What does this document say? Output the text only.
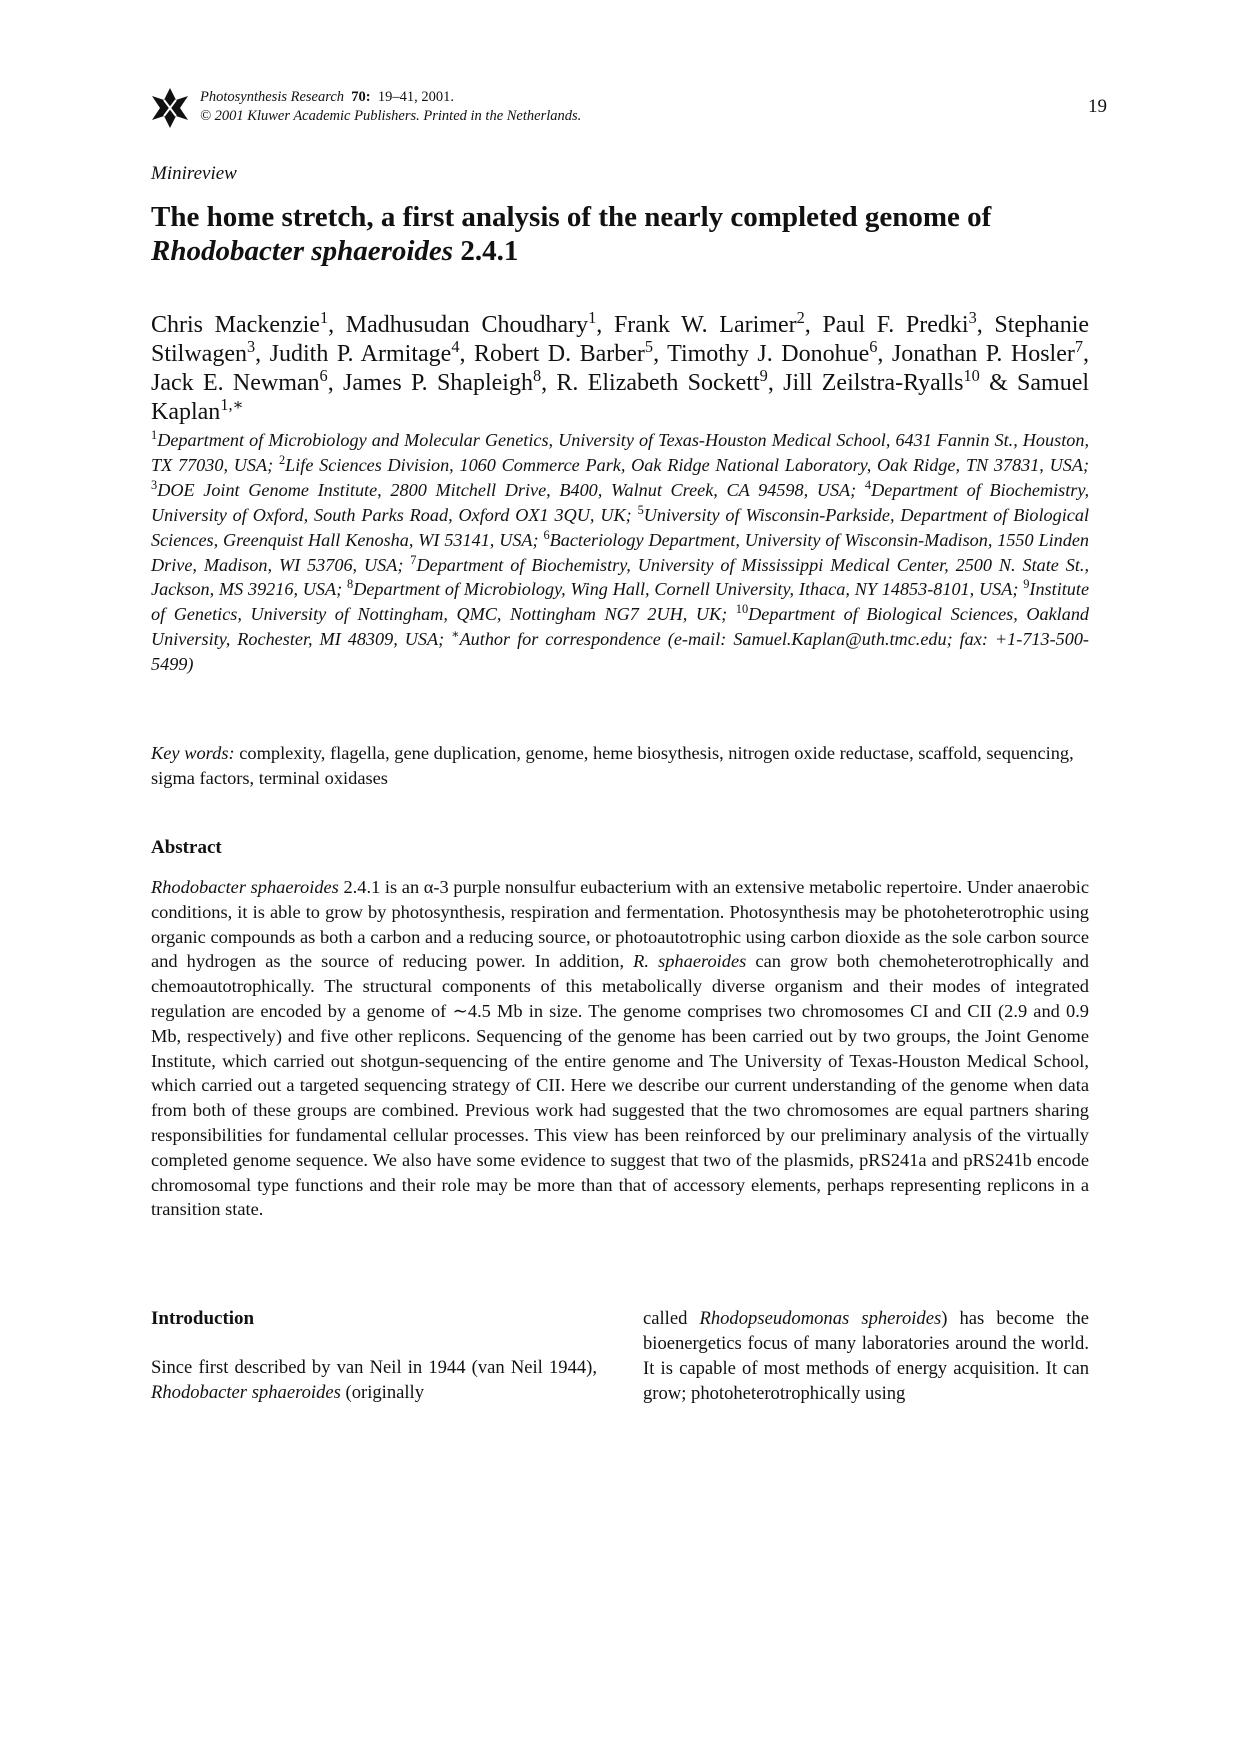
Photosynthesis Research 70: 19–41, 2001.
© 2001 Kluwer Academic Publishers. Printed in the Netherlands.	19
Minireview
The home stretch, a first analysis of the nearly completed genome of
Rhodobacter sphaeroides 2.4.1
Chris Mackenzie$^1$, Madhusudan Choudhary$^1$, Frank W. Larimer$^2$, Paul F. Predki$^3$, Stephanie Stilwagen$^3$, Judith P. Armitage$^4$, Robert D. Barber$^5$, Timothy J. Donohue$^6$, Jonathan P. Hosler$^7$, Jack E. Newman$^6$, James P. Shapleigh$^8$, R. Elizabeth Sockett$^9$, Jill Zeilstra-Ryalls$^{10}$ & Samuel Kaplan$^{1,∗}$
$^1$Department of Microbiology and Molecular Genetics, University of Texas-Houston Medical School, 6431 Fannin St., Houston, TX 77030, USA; $^2$Life Sciences Division, 1060 Commerce Park, Oak Ridge National Laboratory, Oak Ridge, TN 37831, USA; $^3$DOE Joint Genome Institute, 2800 Mitchell Drive, B400, Walnut Creek, CA 94598, USA; $^4$Department of Biochemistry, University of Oxford, South Parks Road, Oxford OX1 3QU, UK; $^5$University of Wisconsin-Parkside, Department of Biological Sciences, Greenquist Hall Kenosha, WI 53141, USA; $^6$Bacteriology Department, University of Wisconsin-Madison, 1550 Linden Drive, Madison, WI 53706, USA; $^7$Department of Biochemistry, University of Mississippi Medical Center, 2500 N. State St., Jackson, MS 39216, USA; $^8$Department of Microbiology, Wing Hall, Cornell University, Ithaca, NY 14853-8101, USA; $^9$Institute of Genetics, University of Nottingham, QMC, Nottingham NG7 2UH, UK; $^{10}$Department of Biological Sciences, Oakland University, Rochester, MI 48309, USA; ∗Author for correspondence (e-mail: Samuel.Kaplan@uth.tmc.edu; fax: +1-713-500-5499)
Key words: complexity, flagella, gene duplication, genome, heme biosythesis, nitrogen oxide reductase, scaffold, sequencing, sigma factors, terminal oxidases
Abstract
Rhodobacter sphaeroides 2.4.1 is an α-3 purple nonsulfur eubacterium with an extensive metabolic repertoire. Under anaerobic conditions, it is able to grow by photosynthesis, respiration and fermentation. Photosynthesis may be photoheterotrophic using organic compounds as both a carbon and a reducing source, or photoautotrophic using carbon dioxide as the sole carbon source and hydrogen as the source of reducing power. In addition, R. sphaeroides can grow both chemoheterotrophically and chemoautotrophically. The structural components of this metabolically diverse organism and their modes of integrated regulation are encoded by a genome of ∼4.5 Mb in size. The genome comprises two chromosomes CI and CII (2.9 and 0.9 Mb, respectively) and five other replicons. Sequencing of the genome has been carried out by two groups, the Joint Genome Institute, which carried out shotgun-sequencing of the entire genome and The University of Texas-Houston Medical School, which carried out a targeted sequencing strategy of CII. Here we describe our current understanding of the genome when data from both of these groups are combined. Previous work had suggested that the two chromosomes are equal partners sharing responsibilities for fundamental cellular processes. This view has been reinforced by our preliminary analysis of the virtually completed genome sequence. We also have some evidence to suggest that two of the plasmids, pRS241a and pRS241b encode chromosomal type functions and their role may be more than that of accessory elements, perhaps representing replicons in a transition state.
Introduction
Since first described by van Neil in 1944 (van Neil 1944), Rhodobacter sphaeroides (originally
called Rhodopseudomonas spheroides) has become the bioenergetics focus of many laboratories around the world. It is capable of most methods of energy acquisition. It can grow; photoheterotrophically using
